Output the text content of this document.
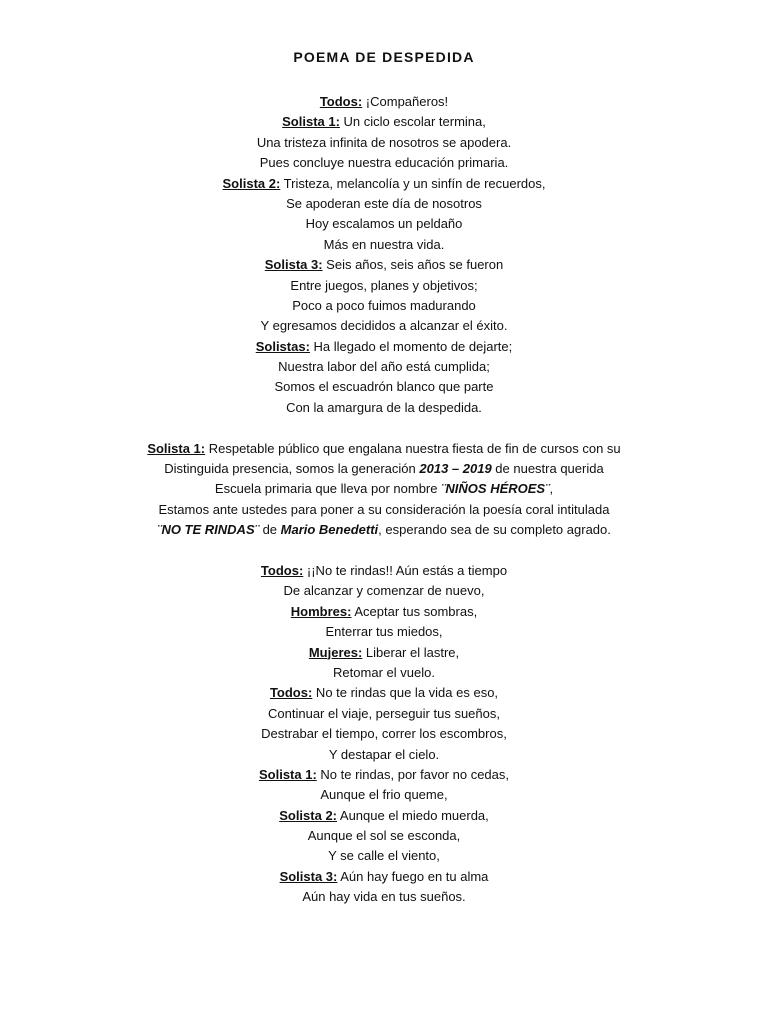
POEMA DE DESPEDIDA
Todos: ¡Compañeros!
Solista 1: Un ciclo escolar termina,
Una tristeza infinita de nosotros se apodera.
Pues concluye nuestra educación primaria.
Solista 2: Tristeza, melancolía y un sinfín de recuerdos,
Se apoderan este día de nosotros
Hoy escalamos un peldaño
Más en nuestra vida.
Solista 3: Seis años, seis años se fueron
Entre juegos, planes y objetivos;
Poco a poco fuimos madurando
Y egresamos decididos a alcanzar el éxito.
Solistas: Ha llegado el momento de dejarte;
Nuestra labor del año está cumplida;
Somos el escuadrón blanco que parte
Con la amargura de la despedida.
Solista 1: Respetable público que engalana nuestra fiesta de fin de cursos con su
Distinguida presencia, somos la generación 2013 – 2019 de nuestra querida
Escuela primaria que lleva por nombre ¨NIÑOS HÉROES¨,
Estamos ante ustedes para poner a su consideración la poesía coral intitulada
¨NO TE RINDAS¨ de Mario Benedetti, esperando sea de su completo agrado.
Todos: ¡¡No te rindas!! Aún estás a tiempo
De alcanzar y comenzar de nuevo,
Hombres: Aceptar tus sombras,
Enterrar tus miedos,
Mujeres: Liberar el lastre,
Retomar el vuelo.
Todos: No te rindas que la vida es eso,
Continuar el viaje, perseguir tus sueños,
Destrabar el tiempo, correr los escombros,
Y destapar el cielo.
Solista 1: No te rindas, por favor no cedas,
Aunque el frio queme,
Solista 2: Aunque el miedo muerda,
Aunque el sol se esconda,
Y se calle el viento,
Solista 3: Aún hay fuego en tu alma
Aún hay vida en tus sueños.
